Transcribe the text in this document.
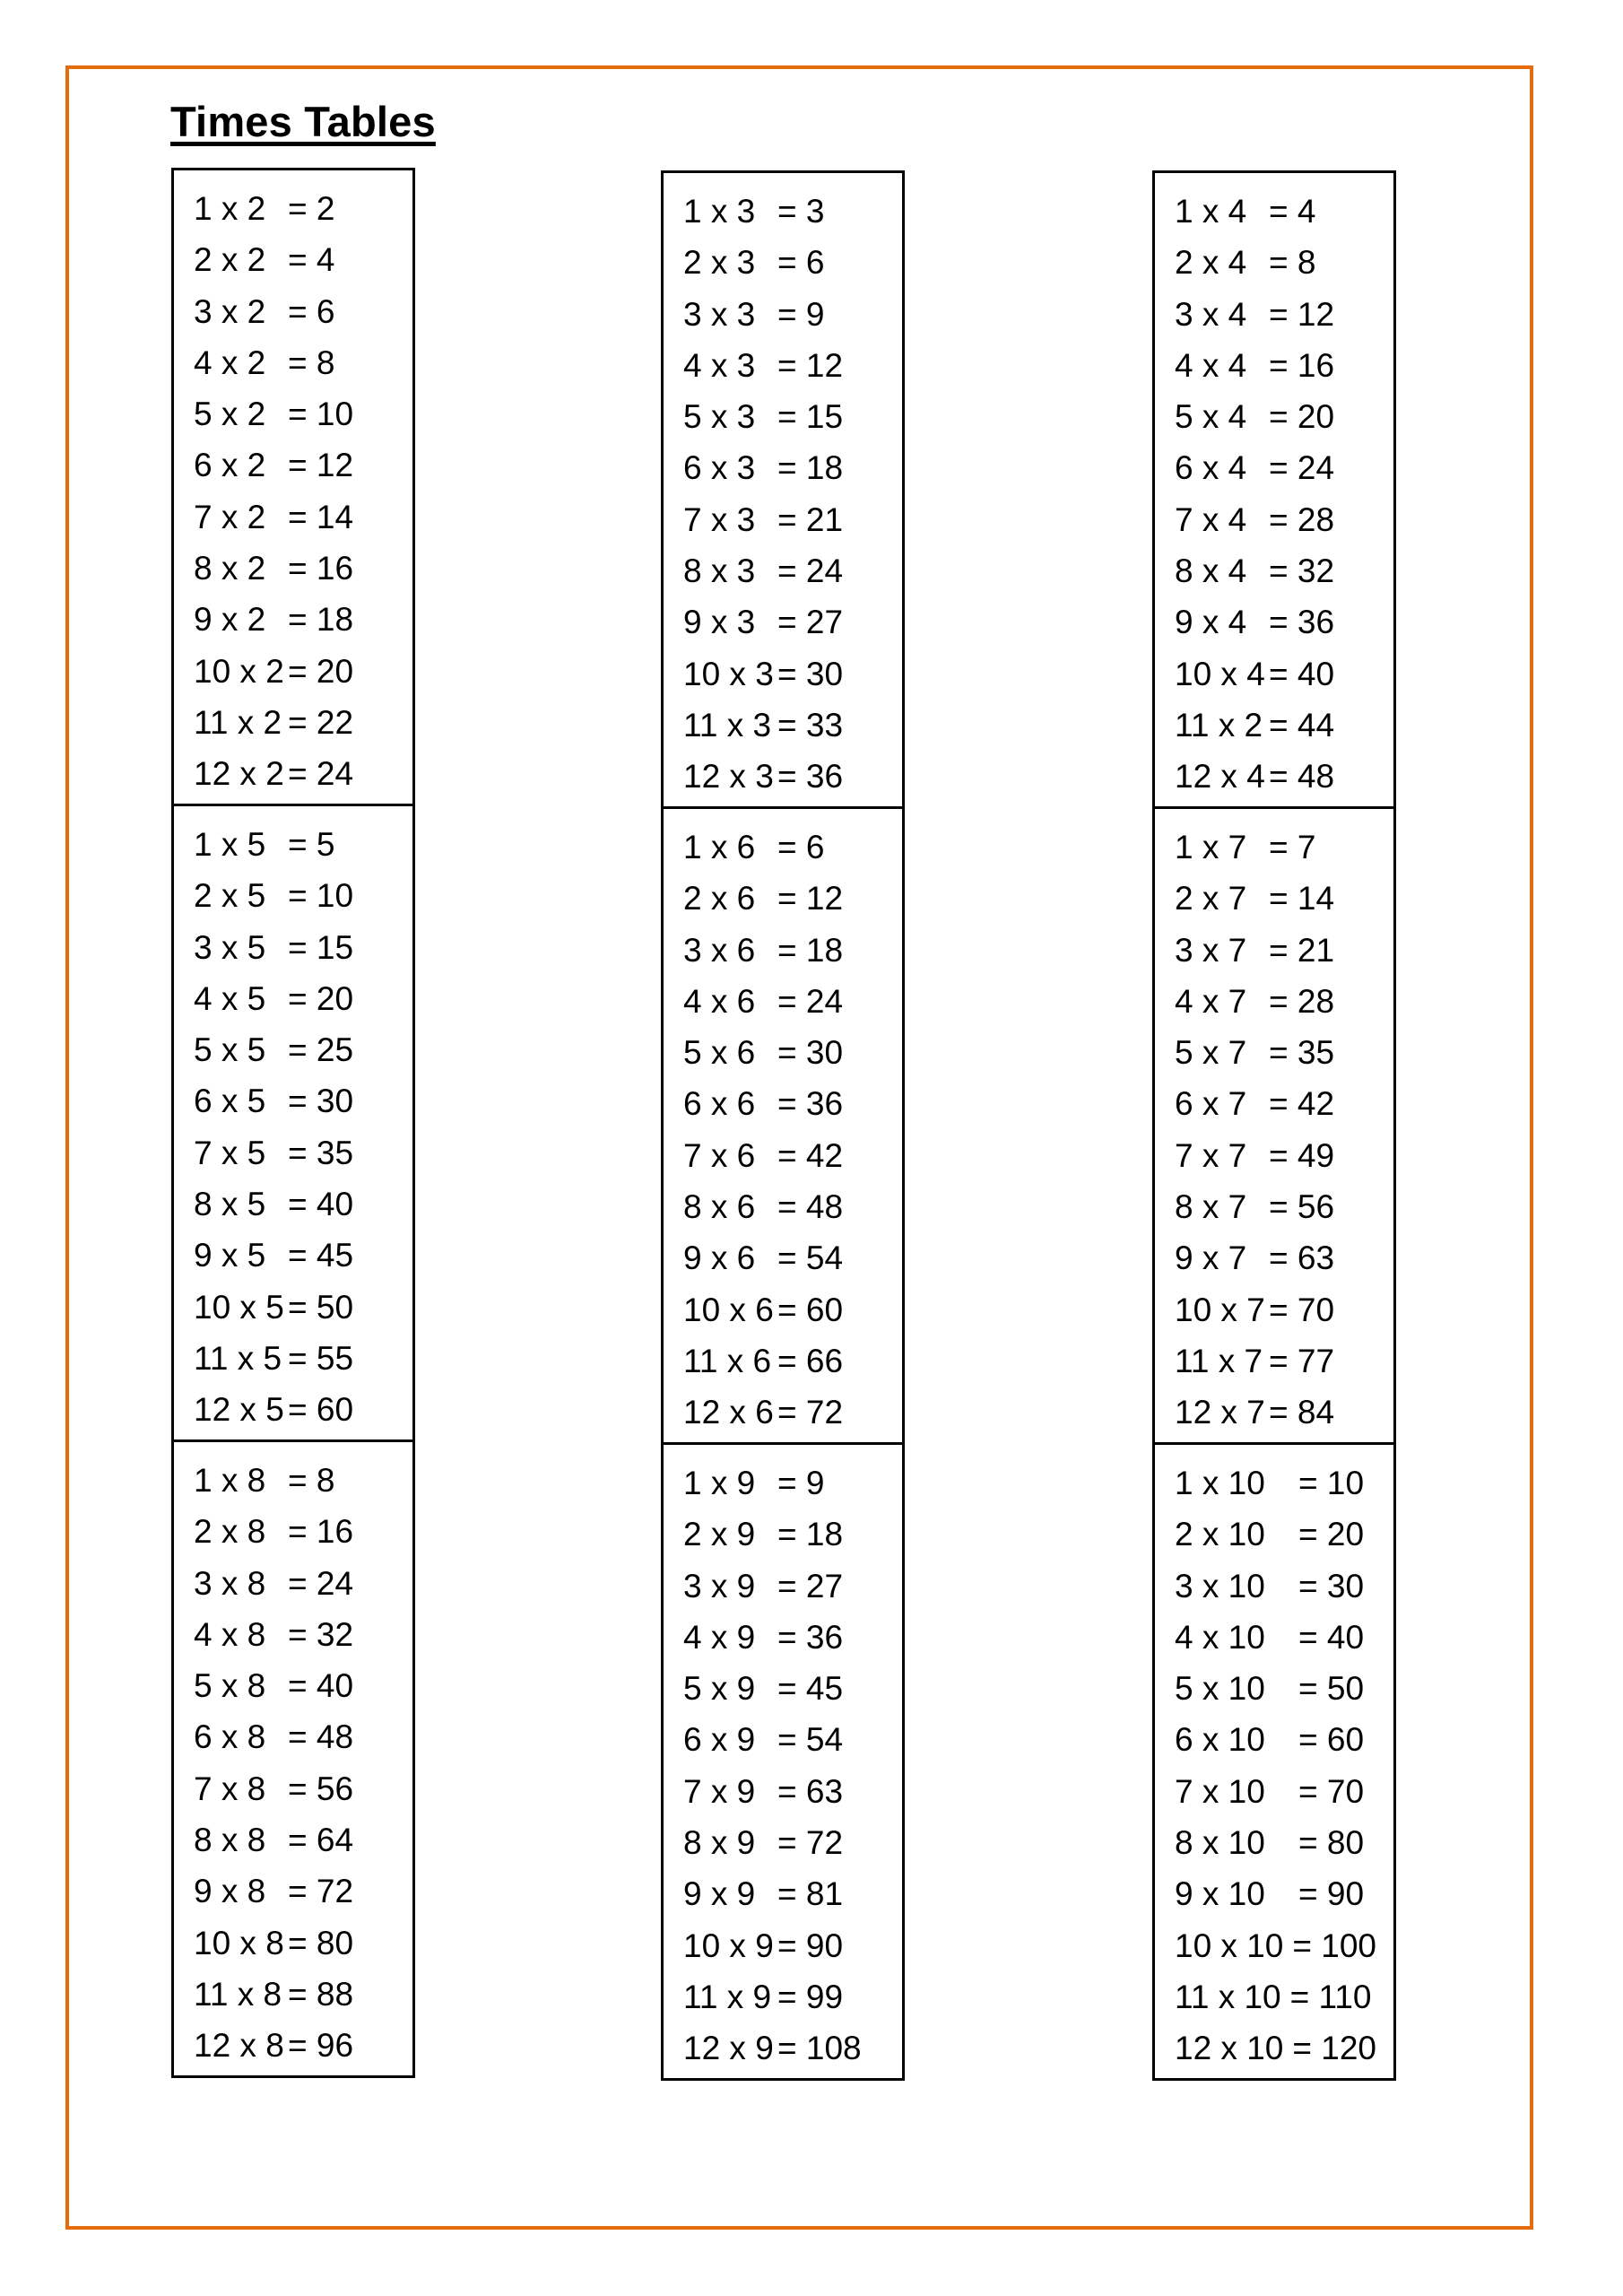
Times Tables
1 x 2 = 2
2 x 2 = 4
3 x 2 = 6
4 x 2 = 8
5 x 2 = 10
6 x 2 = 12
7 x 2 = 14
8 x 2 = 16
9 x 2 = 18
10 x 2 = 20
11 x 2 = 22
12 x 2 = 24
1 x 5 = 5
2 x 5 = 10
3 x 5 = 15
4 x 5 = 20
5 x 5 = 25
6 x 5 = 30
7 x 5 = 35
8 x 5 = 40
9 x 5 = 45
10 x 5 = 50
11 x 5 = 55
12 x 5 = 60
1 x 8 = 8
2 x 8 = 16
3 x 8 = 24
4 x 8 = 32
5 x 8 = 40
6 x 8 = 48
7 x 8 = 56
8 x 8 = 64
9 x 8 = 72
10 x 8 = 80
11 x 8 = 88
12 x 8 = 96
1 x 3 = 3
2 x 3 = 6
3 x 3 = 9
4 x 3 = 12
5 x 3 = 15
6 x 3 = 18
7 x 3 = 21
8 x 3 = 24
9 x 3 = 27
10 x 3 = 30
11 x 3 = 33
12 x 3 = 36
1 x 6 = 6
2 x 6 = 12
3 x 6 = 18
4 x 6 = 24
5 x 6 = 30
6 x 6 = 36
7 x 6 = 42
8 x 6 = 48
9 x 6 = 54
10 x 6 = 60
11 x 6 = 66
12 x 6 = 72
1 x 9 = 9
2 x 9 = 18
3 x 9 = 27
4 x 9 = 36
5 x 9 = 45
6 x 9 = 54
7 x 9 = 63
8 x 9 = 72
9 x 9 = 81
10 x 9 = 90
11 x 9 = 99
12 x 9 = 108
1 x 4 = 4
2 x 4 = 8
3 x 4 = 12
4 x 4 = 16
5 x 4 = 20
6 x 4 = 24
7 x 4 = 28
8 x 4 = 32
9 x 4 = 36
10 x 4 = 40
11 x 2 = 44
12 x 4 = 48
1 x 7 = 7
2 x 7 = 14
3 x 7 = 21
4 x 7 = 28
5 x 7 = 35
6 x 7 = 42
7 x 7 = 49
8 x 7 = 56
9 x 7 = 63
10 x 7 = 70
11 x 7 = 77
12 x 7 = 84
1 x 10	= 10
2 x 10	= 20
3 x 10	= 30
4 x 10	= 40
5 x 10	= 50
6 x 10	= 60
7 x 10	= 70
8 x 10	= 80
9 x 10	= 90
10 x 10 = 100
11 x 10 = 110
12 x 10 = 120
